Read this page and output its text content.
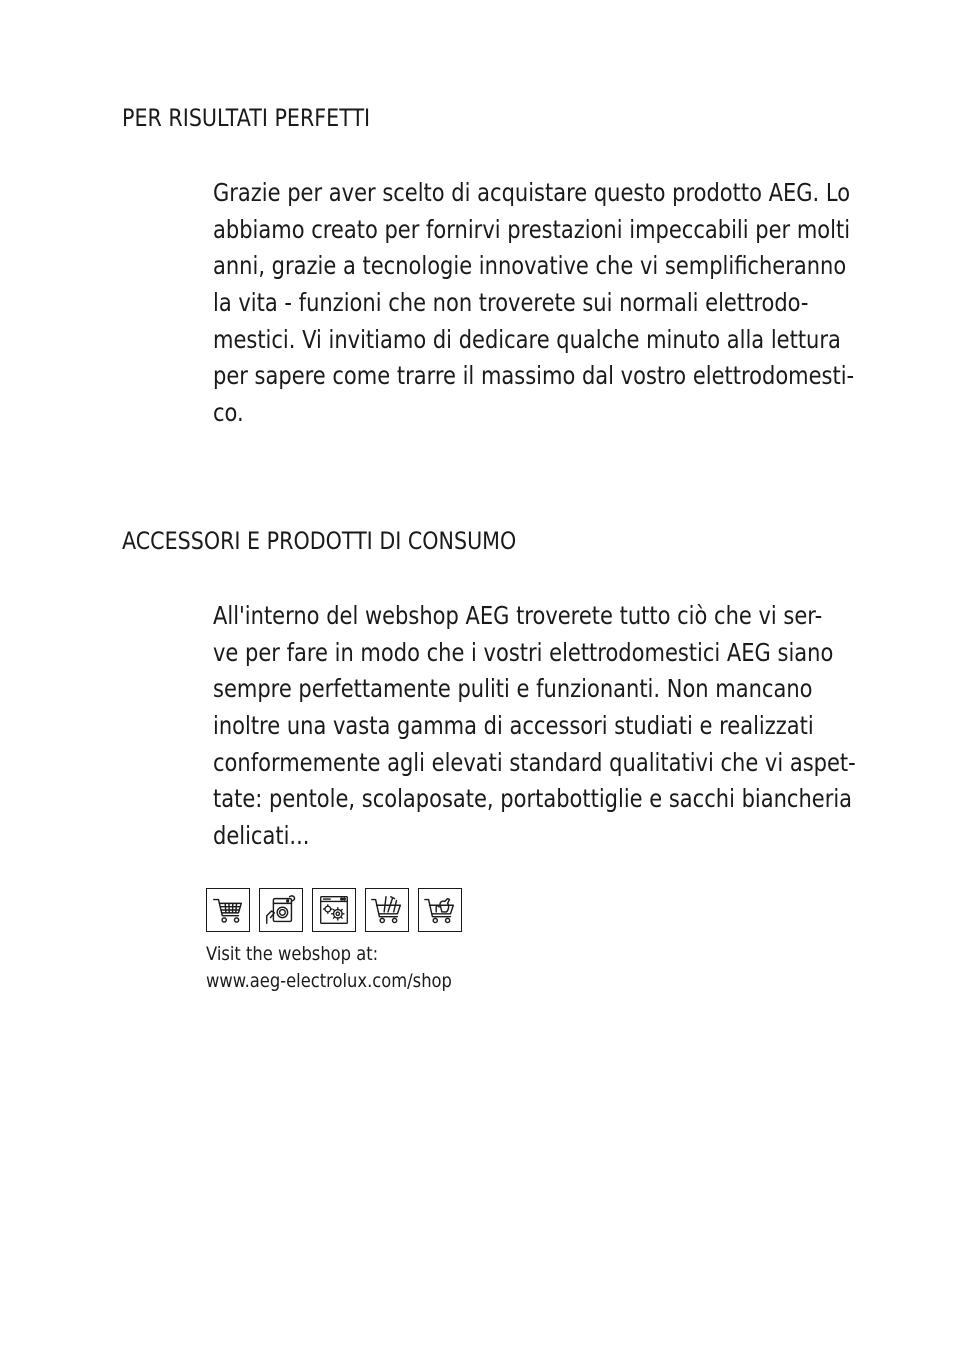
PER RISULTATI PERFETTI

Grazie per aver scelto di acquistare questo prodotto AEG. Lo
abbiamo creato per fornirvi prestazioni impeccabili per molti
anni, grazie a tecnologie innovative che vi semplificheranno
la vita - funzioni che non troverete sui normali elettrodo-
mestici. Vi invitiamo di dedicare qualche minuto alla lettura
per sapere come trarre il massimo dal vostro elettrodomesti-
co.

ACCESSORI E PRODOTTI DI CONSUMO

All'interno del webshop AEG troverete tutto ciò che vi ser-
ve per fare in modo che i vostri elettrodomestici AEG siano
sempre perfettamente puliti e funzionanti. Non mancano
inoltre una vasta gamma di accessori studiati e realizzati
conformemente agli elevati standard qualitativi che vi aspet-
tate: pentole, scolaposate, portabottiglie e sacchi biancheria
delicati...

Visit the webshop at:
www.aeg-electrolux.com/shop
